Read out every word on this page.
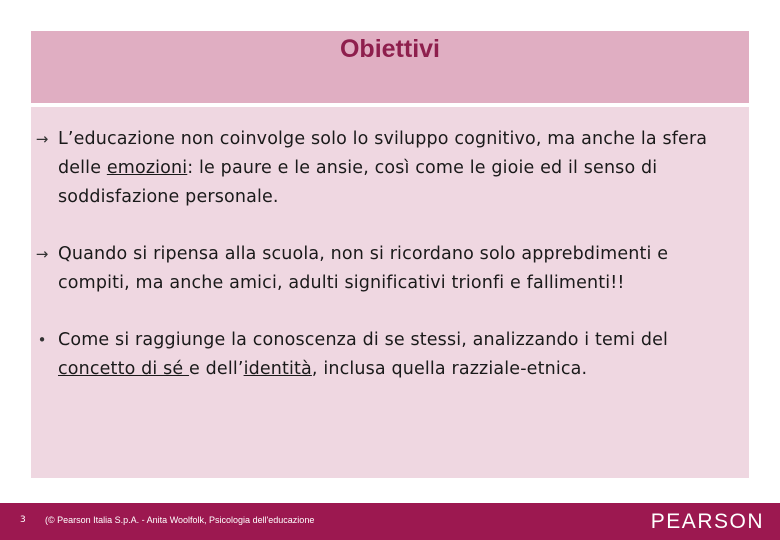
Obiettivi
→ L’educazione non coinvolge solo lo sviluppo cognitivo, ma anche la sfera delle emozioni: le paure e le ansie, così come le gioie ed il senso di soddisfazione personale.
→ Quando si ripensa alla scuola, non si ricordano solo apprebdimenti e compiti, ma anche amici, adulti significativi trionfi e fallimenti!!
• Come si raggiunge la conoscenza di se stessi, analizzando i temi del concetto di sé e dell’identità, inclusa quella razziale-etnica.
3 (© Pearson Italia S.p.A. - Anita Woolfolk, Psicologia dell'educazione	PEARSON
